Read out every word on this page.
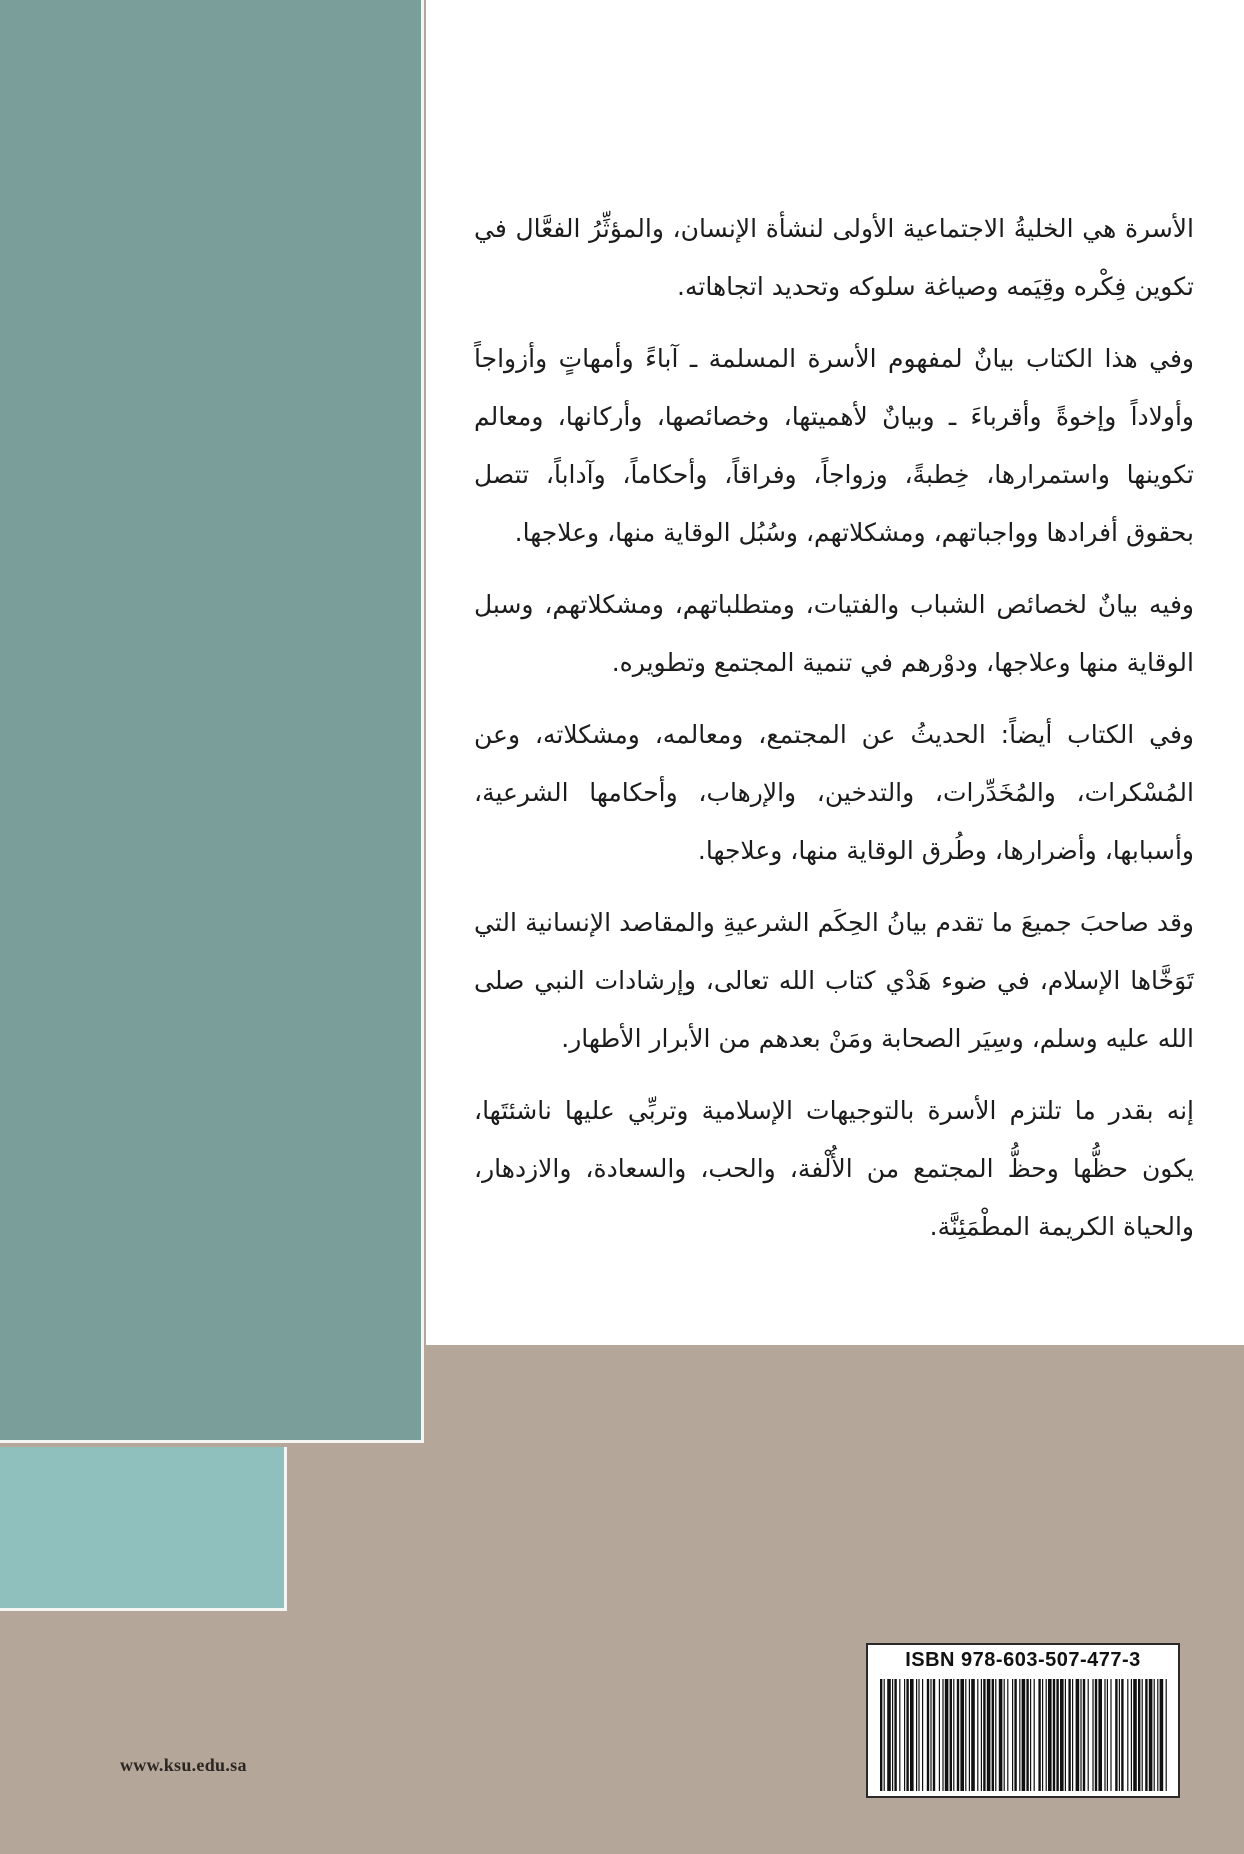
الأسرة هي الخليةُ الاجتماعية الأولى لنشأة الإنسان، والمؤثِّرُ الفعَّال في تكوين فِكْره وقِيَمه وصياغة سلوكه وتحديد اتجاهاته.

وفي هذا الكتاب بيانٌ لمفهوم الأسرة المسلمة ـ آباءً وأمهاتٍ وأزواجاً وأولاداً وإخوةً وأقرباءَ ـ وبيانٌ لأهميتها، وخصائصها، وأركانها، ومعالم تكوينها واستمرارها، خِطبةً، وزواجاً، وفراقاً، وأحكاماً، وآداباً، تتصل بحقوق أفرادها وواجباتهم، ومشكلاتهم، وسُبُل الوقاية منها، وعلاجها.

وفيه بيانٌ لخصائص الشباب والفتيات، ومتطلباتهم، ومشكلاتهم، وسبل الوقاية منها وعلاجها، ودوْرهم في تنمية المجتمع وتطويره.

وفي الكتاب أيضاً: الحديثُ عن المجتمع، ومعالمه، ومشكلاته، وعن المُسْكرات، والمُخَدِّرات، والتدخين، والإرهاب، وأحكامها الشرعية، وأسبابها، وأضرارها، وطُرق الوقاية منها، وعلاجها.

وقد صاحبَ جميعَ ما تقدم بيانُ الحِكَم الشرعيةِ والمقاصد الإنسانية التي تَوَخَّاها الإسلام، في ضوء هَدْي كتاب الله تعالى، وإرشادات النبي صلى الله عليه وسلم، وسِيَر الصحابة ومَنْ بعدهم من الأبرار الأطهار.

إنه بقدر ما تلتزم الأسرة بالتوجيهات الإسلامية وتربِّي عليها ناشئتَها، يكون حظُّها وحظُّ المجتمع من الأُلْفة، والحب، والسعادة، والازدهار، والحياة الكريمة المطْمَئِنَّة.

ISBN 978-603-507-477-3
www.ksu.edu.sa
